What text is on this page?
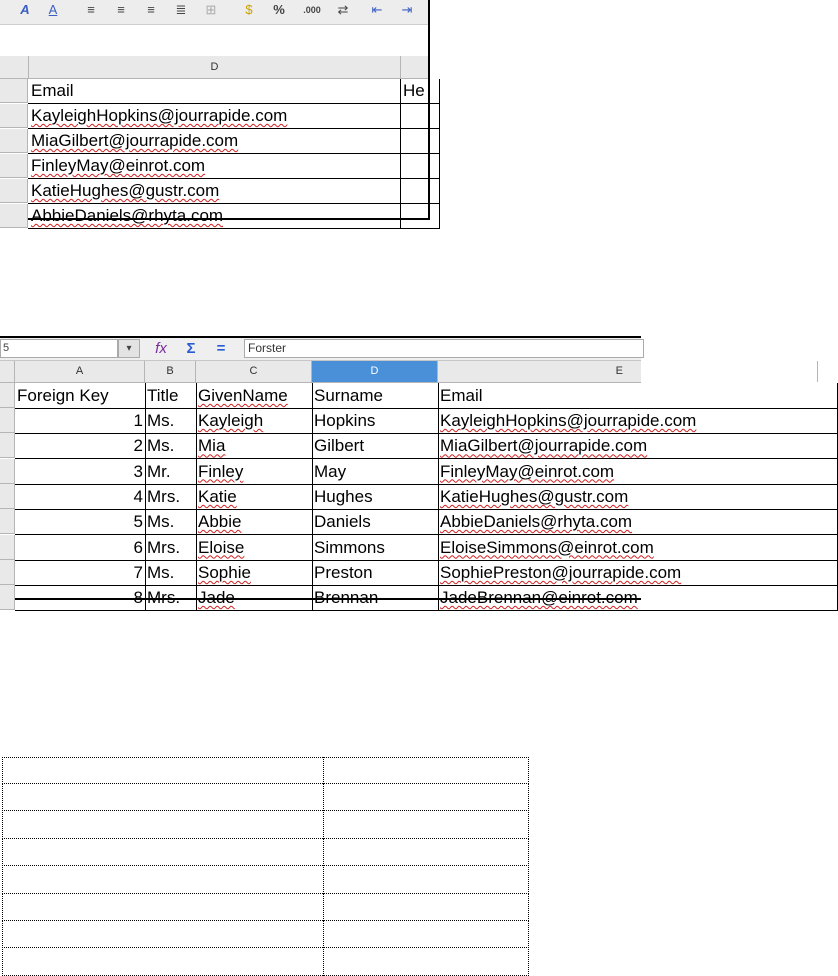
A	A	≡	≡	≡	≣ ⊞	$	%	.000	⇄ ⇤ ⇥
D
Email	He
KayleighHopkins@jourrapide.com
MiaGilbert@jourrapide.com
FinleyMay@einrot.com
KatieHughes@gustr.com
AbbieDaniels@rhyta.com
5	▾	fx	Σ	=	Forster
A	B	C	D	E
Foreign Key	Title	GivenName	Surname	Email
1 Ms.	Kayleigh	Hopkins	KayleighHopkins@jourrapide.com
2 Ms.	Mia	Gilbert	MiaGilbert@jourrapide.com
3 Mr.	Finley	May	FinleyMay@einrot.com
4 Mrs.	Katie	Hughes	KatieHughes@gustr.com
5 Ms.	Abbie	Daniels	AbbieDaniels@rhyta.com
6 Mrs.	Eloise	Simmons	EloiseSimmons@einrot.com
7 Ms.	Sophie	Preston	SophiePreston@jourrapide.com
8 Mrs.	Jade	Brennan	JadeBrennan@einrot.com
